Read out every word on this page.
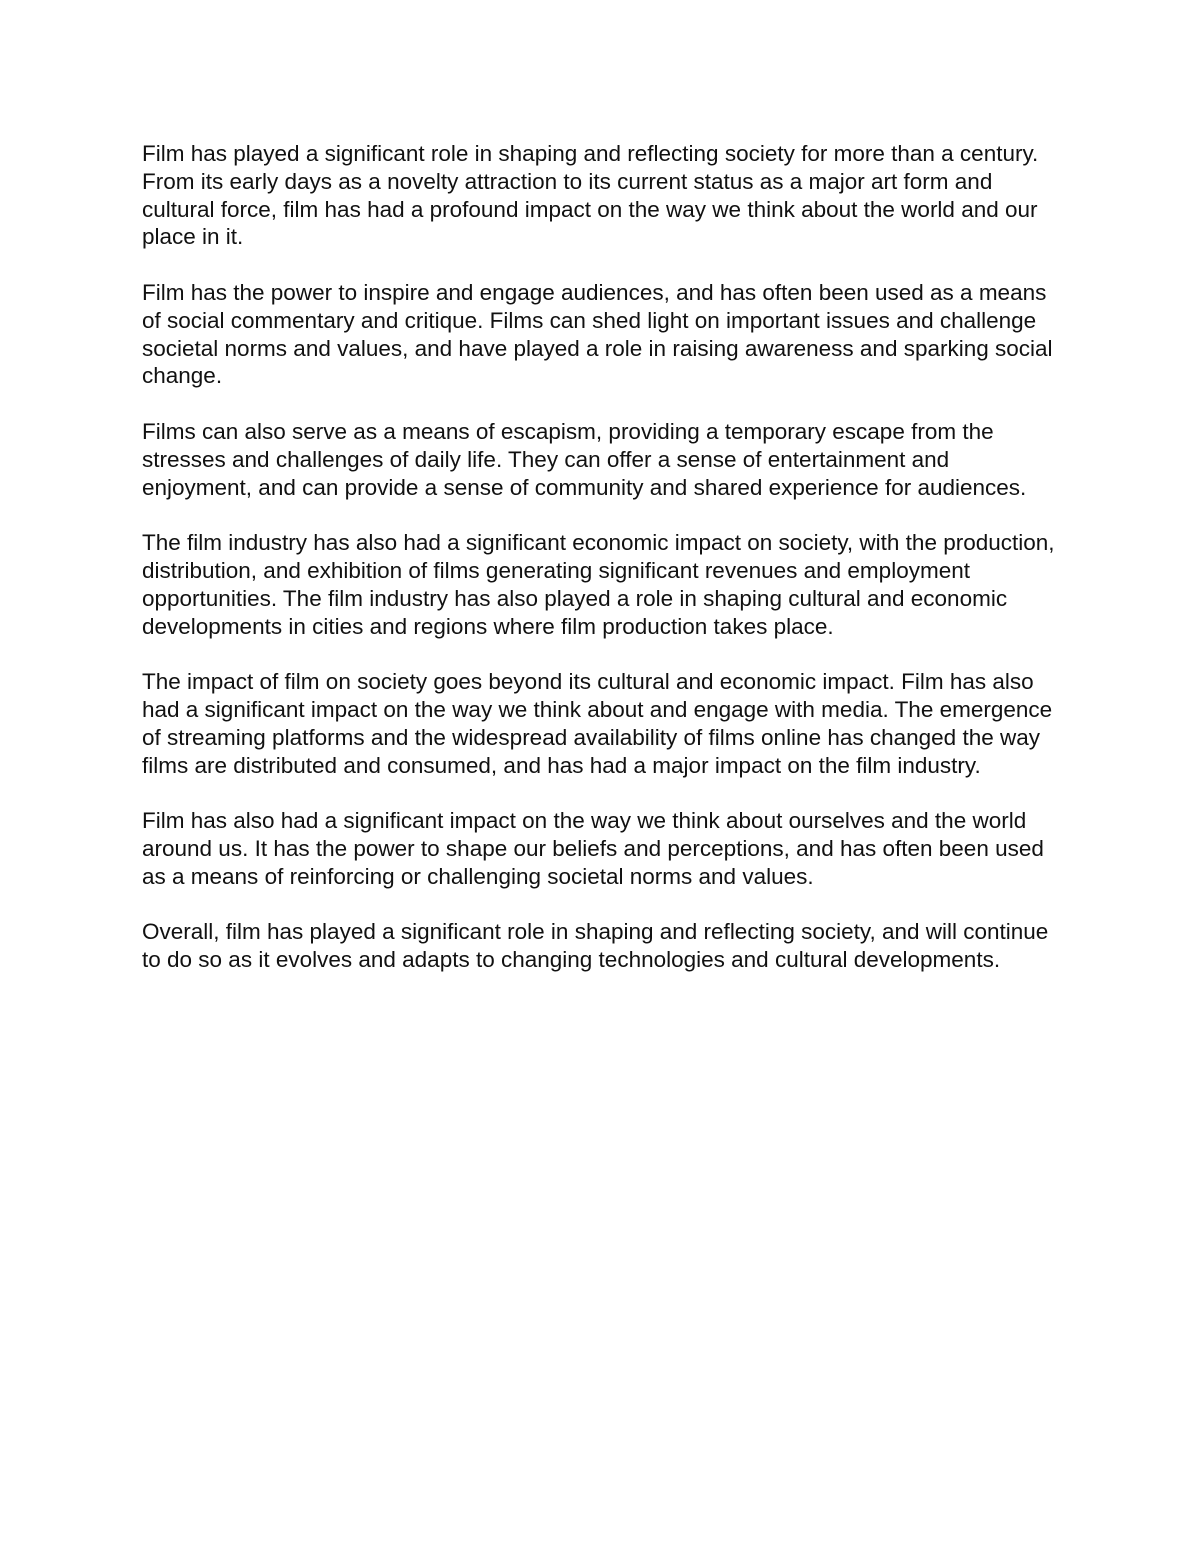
Film has played a significant role in shaping and reflecting society for more than a century. From its early days as a novelty attraction to its current status as a major art form and cultural force, film has had a profound impact on the way we think about the world and our place in it.

Film has the power to inspire and engage audiences, and has often been used as a means of social commentary and critique. Films can shed light on important issues and challenge societal norms and values, and have played a role in raising awareness and sparking social change.

Films can also serve as a means of escapism, providing a temporary escape from the stresses and challenges of daily life. They can offer a sense of entertainment and enjoyment, and can provide a sense of community and shared experience for audiences.

The film industry has also had a significant economic impact on society, with the production, distribution, and exhibition of films generating significant revenues and employment opportunities. The film industry has also played a role in shaping cultural and economic developments in cities and regions where film production takes place.

The impact of film on society goes beyond its cultural and economic impact. Film has also had a significant impact on the way we think about and engage with media. The emergence of streaming platforms and the widespread availability of films online has changed the way films are distributed and consumed, and has had a major impact on the film industry.

Film has also had a significant impact on the way we think about ourselves and the world around us. It has the power to shape our beliefs and perceptions, and has often been used as a means of reinforcing or challenging societal norms and values.

Overall, film has played a significant role in shaping and reflecting society, and will continue to do so as it evolves and adapts to changing technologies and cultural developments.
